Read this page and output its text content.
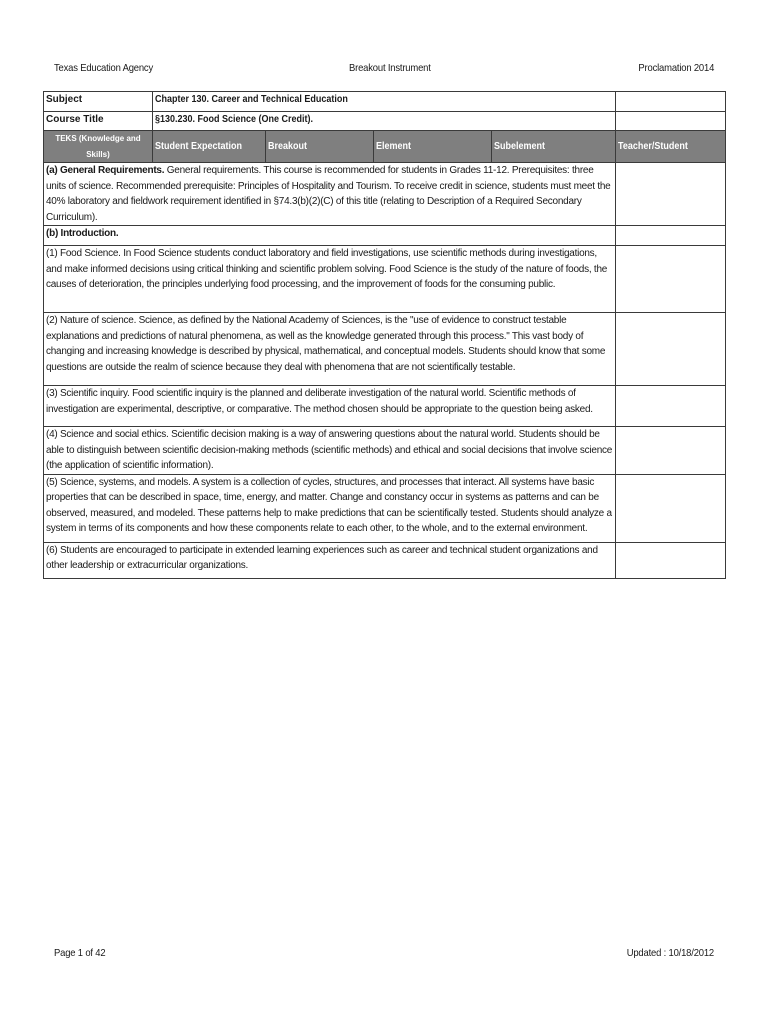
Texas Education Agency	Breakout Instrument	Proclamation 2014
Subject	Chapter 130. Career and Technical Education				
Course Title	§130.230. Food Science (One Credit).				
TEKS (Knowledge and Skills)	Student Expectation	Breakout	Element	Subelement	Teacher/Student
(a) General Requirements. General requirements. This course is recommended for students in Grades 11-12. Prerequisites: three units of science. Recommended prerequisite: Principles of Hospitality and Tourism. To receive credit in science, students must meet the 40% laboratory and fieldwork requirement identified in §74.3(b)(2)(C) of this title (relating to Description of a Required Secondary Curriculum).					
(b) Introduction.					
(1) Food Science. In Food Science students conduct laboratory and field investigations, use scientific methods during investigations, and make informed decisions using critical thinking and scientific problem solving. Food Science is the study of the nature of foods, the causes of deterioration, the principles underlying food processing, and the improvement of foods for the consuming public.					
(2) Nature of science. Science, as defined by the National Academy of Sciences, is the "use of evidence to construct testable explanations and predictions of natural phenomena, as well as the knowledge generated through this process." This vast body of changing and increasing knowledge is described by physical, mathematical, and conceptual models. Students should know that some questions are outside the realm of science because they deal with phenomena that are not scientifically testable.					
(3) Scientific inquiry. Food scientific inquiry is the planned and deliberate investigation of the natural world. Scientific methods of investigation are experimental, descriptive, or comparative. The method chosen should be appropriate to the question being asked.					
(4) Science and social ethics. Scientific decision making is a way of answering questions about the natural world. Students should be able to distinguish between scientific decision-making methods (scientific methods) and ethical and social decisions that involve science (the application of scientific information).					
(5) Science, systems, and models. A system is a collection of cycles, structures, and processes that interact. All systems have basic properties that can be described in space, time, energy, and matter. Change and constancy occur in systems as patterns and can be observed, measured, and modeled. These patterns help to make predictions that can be scientifically tested. Students should analyze a system in terms of its components and how these components relate to each other, to the whole, and to the external environment.					
(6) Students are encouraged to participate in extended learning experiences such as career and technical student organizations and other leadership or extracurricular organizations.					
Page 1 of 42	Updated : 10/18/2012
